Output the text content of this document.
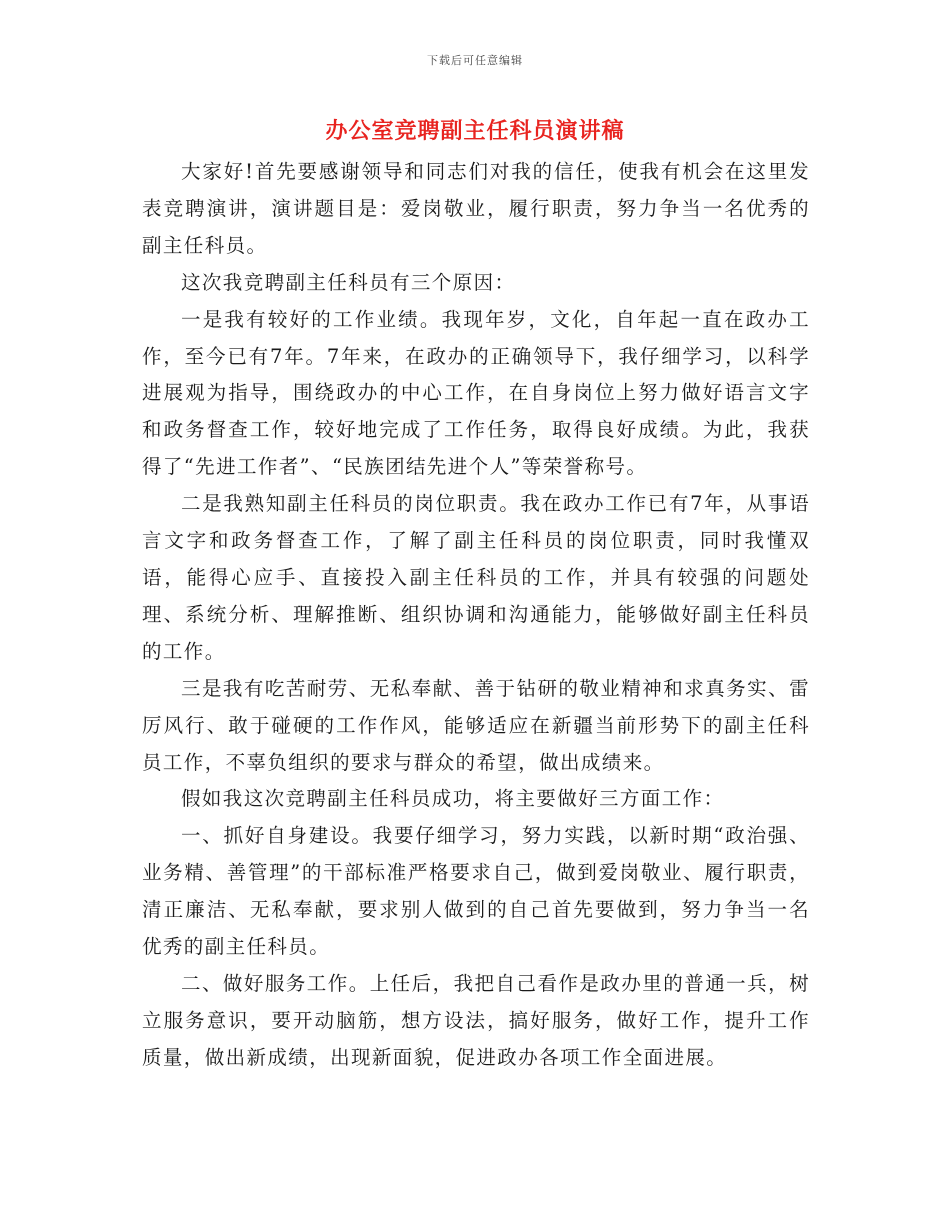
下载后可任意编辑
办公室竞聘副主任科员演讲稿

大家好!首先要感谢领导和同志们对我的信任，使我有机会在这里发表竞聘演讲，演讲题目是：爱岗敬业，履行职责，努力争当一名优秀的副主任科员。

这次我竞聘副主任科员有三个原因：

一是我有较好的工作业绩。我现年岁，文化，自年起一直在政办工作，至今已有7年。7年来，在政办的正确领导下，我仔细学习，以科学进展观为指导，围绕政办的中心工作，在自身岗位上努力做好语言文字和政务督查工作，较好地完成了工作任务，取得良好成绩。为此，我获得了“先进工作者”、“民族团结先进个人”等荣誉称号。

二是我熟知副主任科员的岗位职责。我在政办工作已有7年，从事语言文字和政务督查工作，了解了副主任科员的岗位职责，同时我懂双语，能得心应手、直接投入副主任科员的工作，并具有较强的问题处理、系统分析、理解推断、组织协调和沟通能力，能够做好副主任科员的工作。

三是我有吃苦耐劳、无私奉献、善于钻研的敬业精神和求真务实、雷厉风行、敢于碰硬的工作作风，能够适应在新疆当前形势下的副主任科员工作，不辜负组织的要求与群众的希望，做出成绩来。

假如我这次竞聘副主任科员成功，将主要做好三方面工作：

一、抓好自身建设。我要仔细学习，努力实践，以新时期“政治强、业务精、善管理”的干部标准严格要求自己，做到爱岗敬业、履行职责，清正廉洁、无私奉献，要求别人做到的自己首先要做到，努力争当一名优秀的副主任科员。

二、做好服务工作。上任后，我把自己看作是政办里的普通一兵，树立服务意识，要开动脑筋，想方设法，搞好服务，做好工作，提升工作质量，做出新成绩，出现新面貌，促进政办各项工作全面进展。
